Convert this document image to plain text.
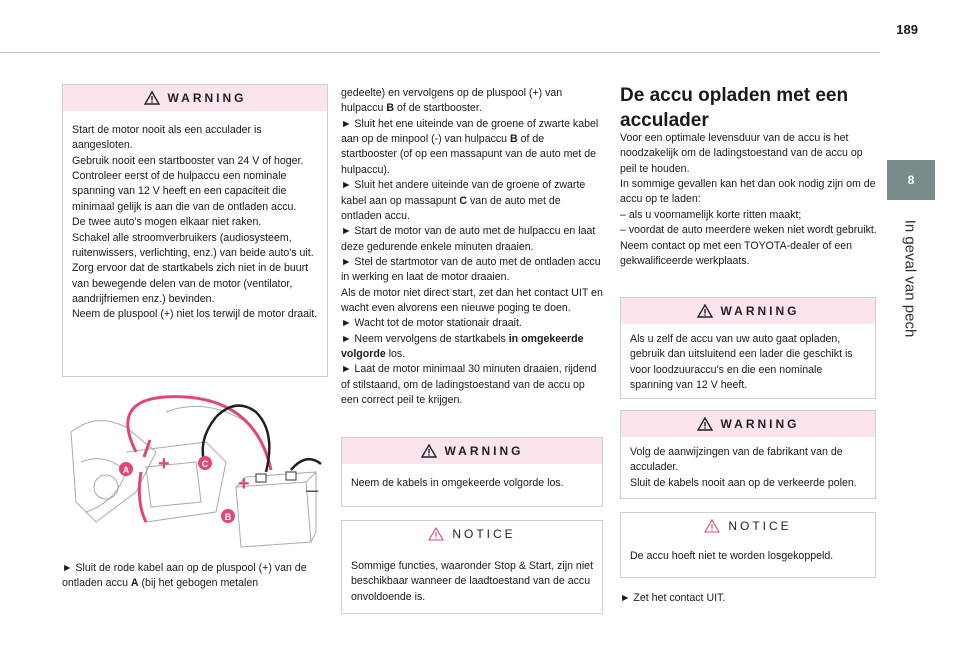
189
8
In geval van pech
WARNING

Start de motor nooit als een acculader is aangesloten.

Gebruik nooit een startbooster van 24 V of hoger.

Controleer eerst of de hulpaccu een nominale spanning van 12 V heeft en een capaciteit die minimaal gelijk is aan die van de ontladen accu.

De twee auto's mogen elkaar niet raken.

Schakel alle stroomverbruikers (audiosysteem, ruitenwissers, verlichting, enz.) van beide auto's uit.

Zorg ervoor dat de startkabels zich niet in de buurt van bewegende delen van de motor (ventilator, aandrijfriemen enz.) bevinden.

Neem de pluspool (+) niet los terwijl de motor draait.

+
+	–
A
B
C

► Sluit de rode kabel aan op de pluspool (+) van de ontladen accu A (bij het gebogen metalen

gedeelte) en vervolgens op de pluspool (+) van hulpaccu B of de startbooster.

► Sluit het ene uiteinde van de groene of zwarte kabel aan op de minpool (-) van hulpaccu B of de startbooster (of op een massapunt van de auto met de hulpaccu).

► Sluit het andere uiteinde van de groene of zwarte kabel aan op massapunt C van de auto met de ontladen accu.

► Start de motor van de auto met de hulpaccu en laat deze gedurende enkele minuten draaien.

► Stel de startmotor van de auto met de ontladen accu in werking en laat de motor draaien.

Als de motor niet direct start, zet dan het contact UIT en wacht even alvorens een nieuwe poging te doen.

► Wacht tot de motor stationair draait.

► Neem vervolgens de startkabels in omgekeerde volgorde los.

► Laat de motor minimaal 30 minuten draaien, rijdend of stilstaand, om de ladingstoestand van de accu op een correct peil te krijgen.

WARNING

Neem de kabels in omgekeerde volgorde los.

NOTICE

Sommige functies, waaronder Stop & Start, zijn niet beschikbaar wanneer de laadtoestand van de accu onvoldoende is.

De accu opladen met een acculader

Voor een optimale levensduur van de accu is het noodzakelijk om de ladingstoestand van de accu op peil te houden.

In sommige gevallen kan het dan ook nodig zijn om de accu op te laden:

– als u voornamelijk korte ritten maakt;

– voordat de auto meerdere weken niet wordt gebruikt.

Neem contact op met een TOYOTA-dealer of een gekwalificeerde werkplaats.

WARNING

Als u zelf de accu van uw auto gaat opladen, gebruik dan uitsluitend een lader die geschikt is voor loodzuuraccu's en die een nominale spanning van 12 V heeft.

WARNING

Volg de aanwijzingen van de fabrikant van de acculader.

Sluit de kabels nooit aan op de verkeerde polen.

NOTICE

De accu hoeft niet te worden losgekoppeld.

► Zet het contact UIT.
